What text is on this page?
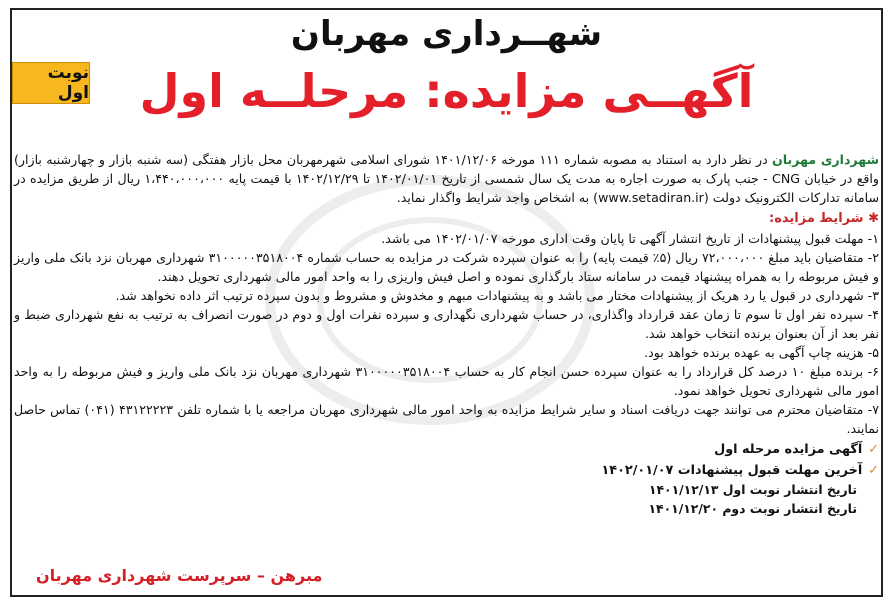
شهــرداری مهربان
آگهــی مزایده: مرحلــه اول
نوبت اول

شهرداری مهربان در نظر دارد به استناد به مصوبه شماره ۱۱۱ مورخه ۱۴۰۱/۱۲/۰۶ شورای اسلامی شهرمهربان محل بازار هفتگی (سه شنبه بازار و چهارشنبه بازار) واقع در خیابان CNG - جنب پارک به صورت اجاره به مدت یک سال شمسی از تاریخ ۱۴۰۲/۰۱/۰۱ تا ۱۴۰۲/۱۲/۲۹ با قیمت پایه ۱،۴۴۰،۰۰۰،۰۰۰ ریال از طریق مزایده در سامانه تدارکات الکترونیک دولت (www.setadiran.ir) به اشخاص واجد شرایط واگذار نماید.

✱ شرایط مزایده:
۱- مهلت قبول پیشنهادات از تاریخ انتشار آگهی تا پایان وقت اداری مورخه ۱۴۰۲/۰۱/۰۷ می باشد.
۲- متقاضیان باید مبلغ ۷۲،۰۰۰،۰۰۰ ریال (۵٪ قیمت پایه) را به عنوان سپرده شرکت در مزایده به حساب شماره ۳۱۰۰۰۰۰۳۵۱۸۰۰۴ شهرداری مهربان نزد بانک ملی واریز و فیش مربوطه را به همراه پیشنهاد قیمت در سامانه ستاد بارگذاری نموده و اصل فیش واریزی را به واحد امور مالی شهرداری تحویل دهند.
۳- شهرداری در قبول یا رد هریک از پیشنهادات مختار می باشد و به پیشنهادات مبهم و مخدوش و مشروط و بدون سپرده ترتیب اثر داده نخواهد شد.
۴- سپرده نفر اول تا سوم تا زمان عقد قرارداد واگذاری، در حساب شهرداری نگهداری و سپرده نفرات اول و دوم در صورت انصراف به ترتیب به نفع شهرداری ضبط و نفر بعد از آن بعنوان برنده انتخاب خواهد شد.
۵- هزینه چاپ آگهی به عهده برنده خواهد بود.
۶- برنده مبلغ ۱۰ درصد کل قرارداد را به عنوان سپرده حسن انجام کار به حساب ۳۱۰۰۰۰۰۳۵۱۸۰۰۴ شهرداری مهربان نزد بانک ملی واریز و فیش مربوطه را به واحد امور مالی شهرداری تحویل خواهد نمود.
۷- متقاضیان محترم می توانند جهت دریافت اسناد و سایر شرایط مزایده به واحد امور مالی شهرداری مهربان مراجعه یا با شماره تلفن ۴۳۱۲۲۲۲۳ (۰۴۱) تماس حاصل نمایند.
✓آگهی مزایده مرحله اول
✓آخرین مهلت قبول پیشنهادات ۱۴۰۲/۰۱/۰۷
تاریخ انتشار نوبت اول ۱۴۰۱/۱۲/۱۳
تاریخ انتشار نوبت دوم ۱۴۰۱/۱۲/۲۰
مبرهن – سرپرست شهرداری مهربان
